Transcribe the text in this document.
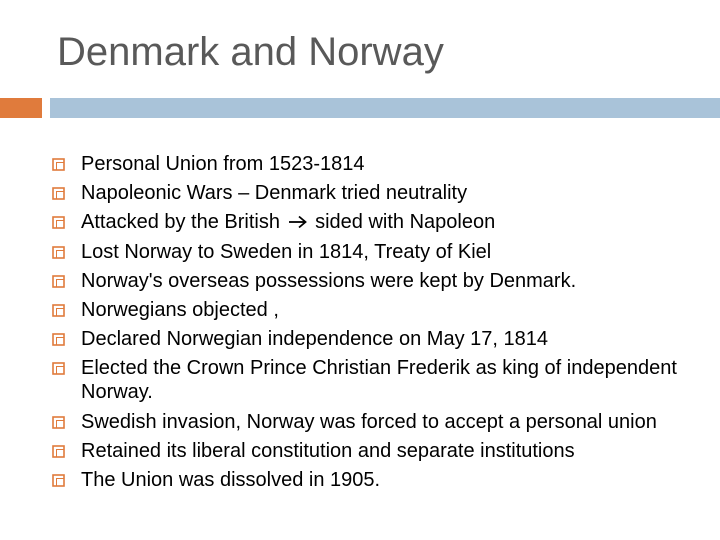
Denmark and Norway
Personal Union from 1523-1814
Napoleonic Wars – Denmark tried neutrality
Attacked by the British sided with Napoleon
Lost Norway to Sweden in 1814, Treaty of Kiel
Norway's overseas possessions were kept by Denmark.
Norwegians objected ,
Declared Norwegian independence on May 17, 1814
Elected the Crown Prince Christian Frederik as king of independent Norway.
Swedish invasion, Norway was forced to accept a personal union
Retained its liberal constitution and separate institutions
The Union was dissolved in 1905.
